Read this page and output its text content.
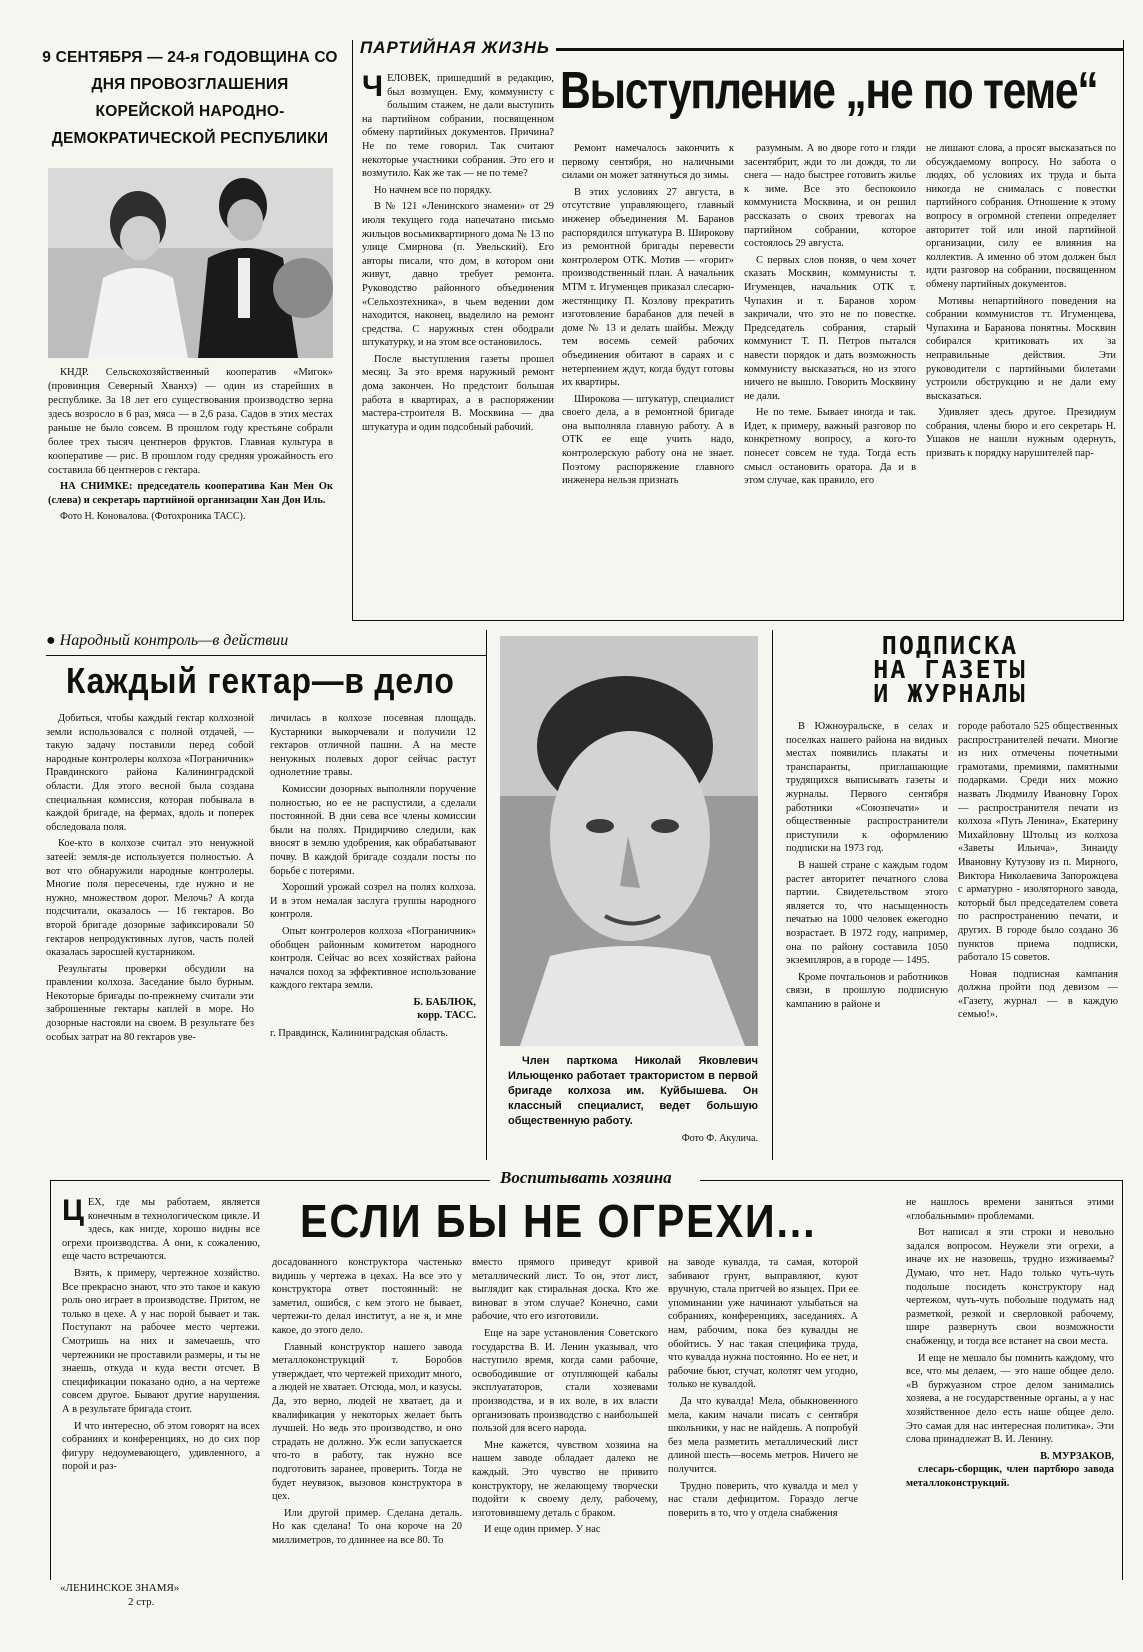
9 СЕНТЯБРЯ — 24-я ГОДОВЩИНА СО ДНЯ ПРОВОЗГЛАШЕНИЯ КОРЕЙСКОЙ НАРОДНО-ДЕМОКРАТИЧЕСКОЙ РЕСПУБЛИКИ

КНДР. Сельскохозяйственный кооператив «Мигок» (провинция Северный Хванхэ) — один из старейших в республике. За 18 лет его существования производство зерна здесь возросло в 6 раз, мяса — в 2,6 раза. Садов в этих местах раньше не было совсем. В прошлом году крестьяне собрали более трех тысяч центнеров фруктов. Главная культура в кооперативе — рис. В прошлом году средняя урожайность его составила 66 центнеров с гектара.

НА СНИМКЕ: председатель кооператива Кан Мен Ок (слева) и секретарь партийной организации Хан Дон Иль.

Фото Н. Коновалова. (Фотохроника ТАСС).

ПАРТИЙНАЯ ЖИЗНЬ
Выступление „не по теме“
Ч ЕЛОВЕК, пришедший в редакцию, был возмущен. Ему, коммунисту с большим стажем, не дали выступить на партийном собрании, посвященном обмену партийных документов. Причина? Не по теме говорил. Так считают некоторые участники собрания. Это его и возмутило. Как же так — не по теме?

Но начнем все по порядку.

В № 121 «Ленинского знамени» от 29 июля текущего года напечатано письмо жильцов восьмиквартирного дома № 13 по улице Смирнова (п. Увельский). Его авторы писали, что дом, в котором они живут, давно требует ремонта. Руководство районного объединения «Сельхозтехника», в чьем ведении дом находится, наконец, выделило на ремонт средства. С наружных стен ободрали штукатурку, и на этом все остановилось.

После выступления газеты прошел месяц. За это время наружный ремонт дома закончен. Но предстоит большая работа в квартирах, а в распоряжении мастера-строителя В. Москвина — два штукатура и один подсобный рабочий.

Ремонт намечалось закончить к первому сентября, но наличными силами он может затянуться до зимы.

В этих условиях 27 августа, в отсутствие управляющего, главный инженер объединения М. Баранов распорядился штукатура В. Широкову из ремонтной бригады перевести контролером ОТК. Мотив — «горит» производственный план. А начальник МТМ т. Игуменцев приказал слесарю-жестянщику П. Козлову прекратить изготовление барабанов для печей в доме № 13 и делать шайбы. Между тем восемь семей рабочих объединения обитают в сараях и с нетерпением ждут, когда будут готовы их квартиры.

Широкова — штукатур, специалист своего дела, а в ремонтной бригаде она выполняла главную работу. А в ОТК ее еще учить надо, контролерскую работу она не знает. Поэтому распоряжение главного инженера нельзя признать

разумным. А во дворе гото и гляди засентябрит, жди то ли дождя, то ли снега — надо быстрее готовить жилье к зиме. Все это беспокоило коммуниста Москвина, и он решил рассказать о своих тревогах на партийном собрании, которое состоялось 29 августа.

С первых слов поняв, о чем хочет сказать Москвин, коммунисты т. Игуменцев, начальник ОТК т. Чупахин и т. Баранов хором закричали, что это не по повестке. Председатель собрания, старый коммунист Т. П. Петров пытался навести порядок и дать возможность коммунисту высказаться, но из этого ничего не вышло. Говорить Москвину не дали.

Не по теме. Бывает иногда и так. Идет, к примеру, важный разговор по конкретному вопросу, а кого-то понесет совсем не туда. Тогда есть смысл остановить оратора. Да и в этом случае, как правило, его

не лишают слова, а просят высказаться по обсуждаемому вопросу. Но забота о людях, об условиях их труда и быта никогда не снималась с повестки партийного собрания. Отношение к этому вопросу в огромной степени определяет авторитет той или иной партийной организации, силу ее влияния на коллектив. А именно об этом должен был идти разговор на собрании, посвященном обмену партийных документов.

Мотивы непартийного поведения на собрании коммунистов тт. Игуменцева, Чупахина и Баранова понятны. Москвин собирался критиковать их за неправильные действия. Эти руководители с партийными билетами устроили обструкцию и не дали ему высказаться.

Удивляет здесь другое. Президиум собрания, члены бюро и его секретарь Н. Ушаков не нашли нужным одернуть, призвать к порядку нарушителей пар-

● Народный контроль—в действии
Каждый гектар—в дело

Добиться, чтобы каждый гектар колхозной земли использовался с полной отдачей, — такую задачу поставили перед собой народные контролеры колхоза «Пограничник» Правдинского района Калининградской области. Для этого весной была создана специальная комиссия, которая побывала в каждой бригаде, на фермах, вдоль и поперек обследовала поля.

Кое-кто в колхозе считал это ненужной затеей: земля-де используется полностью. А вот что обнаружили народные контролеры. Многие поля пересечены, где нужно и не нужно, множеством дорог. Мелочь? А когда подсчитали, оказалось — 16 гектаров. Во второй бригаде дозорные зафиксировали 50 гектаров непродуктивных лугов, часть полей оказалась заросшей кустарником.

Результаты проверки обсудили на правлении колхоза. Заседание было бурным. Некоторые бригады по-прежнему считали эти заброшенные гектары каплей в море. Но дозорные настояли на своем. В результате без особых затрат на 80 гектаров уве-

личилась в колхозе посевная площадь. Кустарники выкорчевали и получили 12 гектаров отличной пашни. А на месте ненужных полевых дорог сейчас растут однолетние травы.

Комиссии дозорных выполняли поручение полностью, но ее не распустили, а сделали постоянной. В дни сева все члены комиссии были на полях. Придирчиво следили, как вносят в землю удобрения, как обрабатывают почву. В каждой бригаде создали посты по борьбе с потерями.

Хороший урожай созрел на полях колхоза. И в этом немалая заслуга группы народного контроля.

Опыт контролеров колхоза «Пограничник» обобщен районным комитетом народного контроля. Сейчас во всех хозяйствах района начался поход за эффективное использование каждого гектара земли.

Б. БАБЛЮК,
корр. ТАСС.
г. Правдинск, Калининградская область.
Член парткома Николай Яковлевич Ильющенко работает трактористом в первой бригаде колхоза им. Куйбышева. Он классный специалист, ведет большую общественную работу.
Фото Ф. Акулича.
ПОДПИСКА
НА ГАЗЕТЫ
И ЖУРНАЛЫ

В Южноуральске, в селах и поселках нашего района на видных местах появились плакаты и транспаранты, приглашающие трудящихся выписывать газеты и журналы. Первого сентября работники «Союзпечати» и общественные распространители приступили к оформлению подписки на 1973 год.

В нашей стране с каждым годом растет авторитет печатного слова партии. Свидетельством этого является то, что насыщенность печатью на 1000 человек ежегодно возрастает. В 1972 году, например, она по району составила 1050 экземпляров, а в городе — 1495.

Кроме почтальонов и работников связи, в прошлую подписную кампанию в районе и

городе работало 525 общественных распространителей печати. Многие из них отмечены почетными грамотами, премиями, памятными подарками. Среди них можно назвать Людмилу Ивановну Горох — распространителя печати из колхоза «Путь Ленина», Екатерину Михайловну Штольц из колхоза «Заветы Ильича», Зинаиду Ивановну Кутузову из п. Мирного, Виктора Николаевича Запорожцева с арматурно - изоляторного завода, который был председателем совета по распространению печати, и других. В городе было создано 36 пунктов приема подписки, работало 15 советов.

Новая подписная кампания должна пройти под девизом — «Газету, журнал — в каждую семью!».

Воспитывать хозяина
ЕСЛИ БЫ НЕ ОГРЕХИ...
Ц ЕХ, где мы работаем, является конечным в технологическом цикле. И здесь, как нигде, хорошо видны все огрехи производства. А они, к сожалению, еще часто встречаются.

Взять, к примеру, чертежное хозяйство. Все прекрасно знают, что это такое и какую роль оно играет в производстве. Притом, не только в цехе. А у нас порой бывает и так. Поступают на рабочее место чертежи. Смотришь на них и замечаешь, что чертежники не проставили размеры, и ты не знаешь, откуда и куда вести отсчет. В спецификации показано одно, а на чертеже совсем другое. Бывают другие нарушения. А в результате бригада стоит.

И что интересно, об этом говорят на всех собраниях и конференциях, но до сих пор фигуру недоумевающего, удивленного, а порой и раз-

досадованного конструктора частенько видишь у чертежа в цехах. На все это у конструктора ответ постоянный: не заметил, ошибся, с кем этого не бывает, чертежи-то делал институт, а не я, и мне какое, до этого дело.

Главный конструктор нашего завода металлоконструкций т. Боробов утверждает, что чертежей приходит много, а людей не хватает. Отсюда, мол, и казусы. Да, это верно, людей не хватает, да и квалификация у некоторых желает быть лучшей. Но ведь это производство, и оно страдать не должно. Уж если запускается что-то в работу, так нужно все подготовить заранее, проверить. Тогда не будет неувязок, вызовов конструктора в цех.

Или другой пример. Сделана деталь. Но как сделана! То она короче на 20 миллиметров, то длиннее на все 80. То

вместо прямого приведут кривой металлический лист. То он, этот лист, выглядит как стиральная доска. Кто же виноват в этом случае? Конечно, сами рабочие, что его изготовили.

Еще на заре установления Советского государства В. И. Ленин указывал, что наступило время, когда сами рабочие, освободившие от отупляющей кабалы эксплуататоров, стали хозяевами производства, и в их воле, в их власти организовать производство с наибольшей пользой для всего народа.

Мне кажется, чувством хозяина на нашем заводе обладает далеко не каждый. Это чувство не привито конструктору, не желающему творчески подойти к своему делу, рабочему, изготовившему деталь с браком.

И еще один пример. У нас

на заводе кувалда, та самая, которой забивают грунт, выправляют, куют вручную, стала притчей во языцех. При ее упоминании уже начинают улыбаться на собраниях, конференциях, заседаниях. А нам, рабочим, пока без кувалды не обойтись. У нас такая специфика труда, что кувалда нужна постоянно. Но ее нет, и рабочие бьют, стучат, колотят чем угодно, только не кувалдой.

Да что кувалда! Мела, обыкновенного мела, каким начали писать с сентября школьники, у нас не найдешь. А попробуй без мела разметить металлический лист длиной шесть—восемь метров. Ничего не получится.

Трудно поверить, что кувалда и мел у нас стали дефицитом. Гораздо легче поверить в то, что у отдела снабжения

не нашлось времени заняться этими «глобальными» проблемами.

Вот написал я эти строки и невольно задался вопросом. Неужели эти огрехи, а иначе их не назовешь, трудно изживаемы? Думаю, что нет. Надо только чуть-чуть подольше посидеть конструктору над чертежом, чуть-чуть побольше подумать над разметкой, резкой и сверловкой рабочему, шире развернуть свои возможности снабженцу, и тогда все встанет на свои места.

И еще не мешало бы помнить каждому, что все, что мы делаем, — это наше общее дело. «В буржуазном строе делом занимались хозяева, а не государственные органы, а у нас хозяйственное дело есть наше общее дело. Это самая для нас интересная политика». Эти слова принадлежат В. И. Ленину.

В. МУРЗАКОВ,
слесарь-сборщик, член партбюро завода металлоконструкций.
«ЛЕНИНСКОЕ ЗНАМЯ»
2 стр.
